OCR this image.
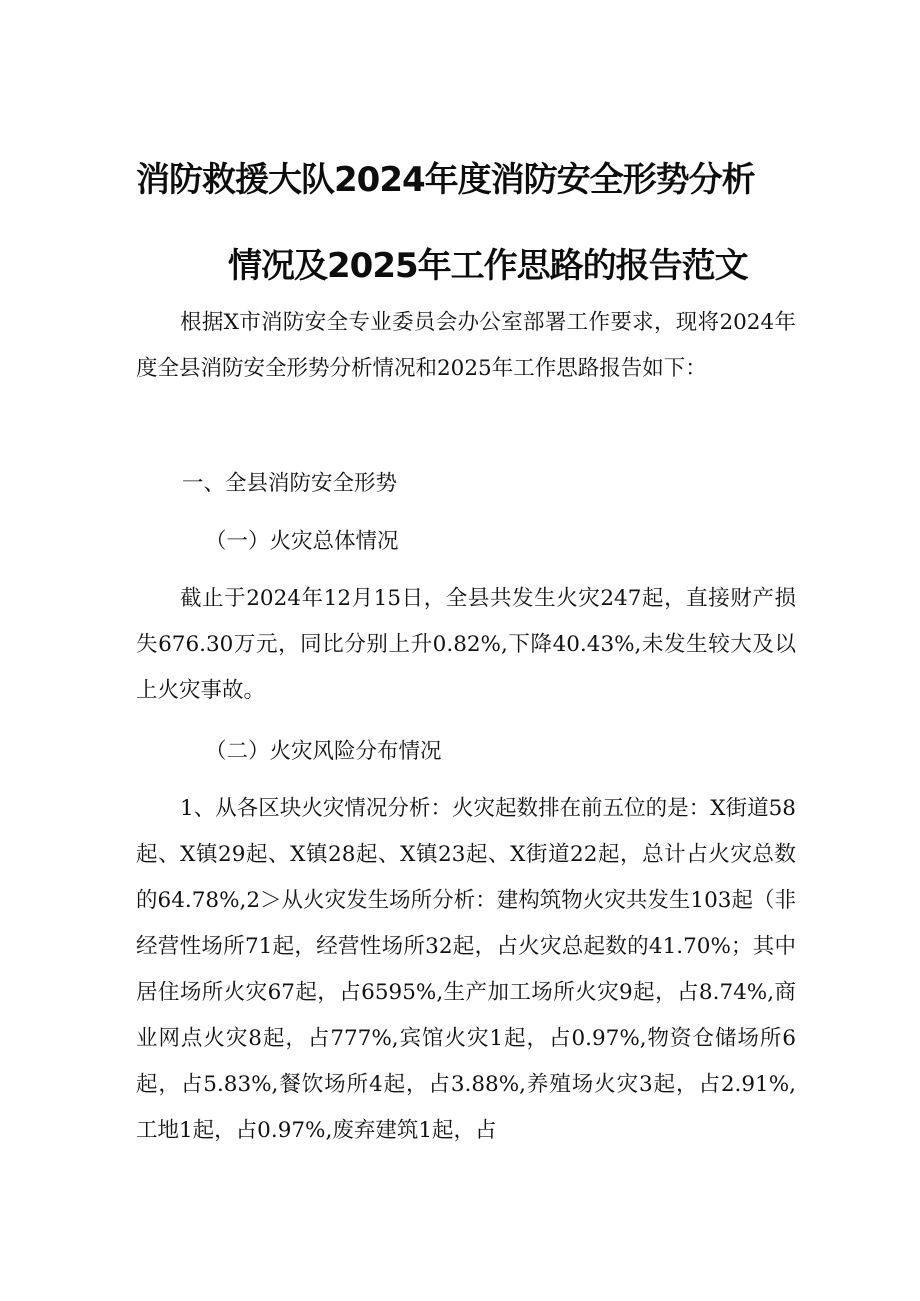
消防救援大队2024年度消防安全形势分析
情况及2025年工作思路的报告范文
根据X市消防安全专业委员会办公室部署工作要求，现将2024年度全县消防安全形势分析情况和2025年工作思路报告如下：
一、全县消防安全形势
（一）火灾总体情况
截止于2024年12月15日，全县共发生火灾247起，直接财产损失676.30万元，同比分别上升0.82%,下降40.43%,未发生较大及以上火灾事故。
（二）火灾风险分布情况
1、从各区块火灾情况分析：火灾起数排在前五位的是：X街道58起、X镇29起、X镇28起、X镇23起、X街道22起，总计占火灾总数的64.78%,2＞从火灾发生场所分析：建构筑物火灾共发生103起（非经营性场所71起，经营性场所32起，占火灾总起数的41.70%；其中居住场所火灾67起，占6595%,生产加工场所火灾9起，占8.74%,商业网点火灾8起，占777%,宾馆火灾1起，占0.97%,物资仓储场所6起，占5.83%,餐饮场所4起，占3.88%,养殖场火灾3起，占2.91%,工地1起，占0.97%,废弃建筑1起，占
